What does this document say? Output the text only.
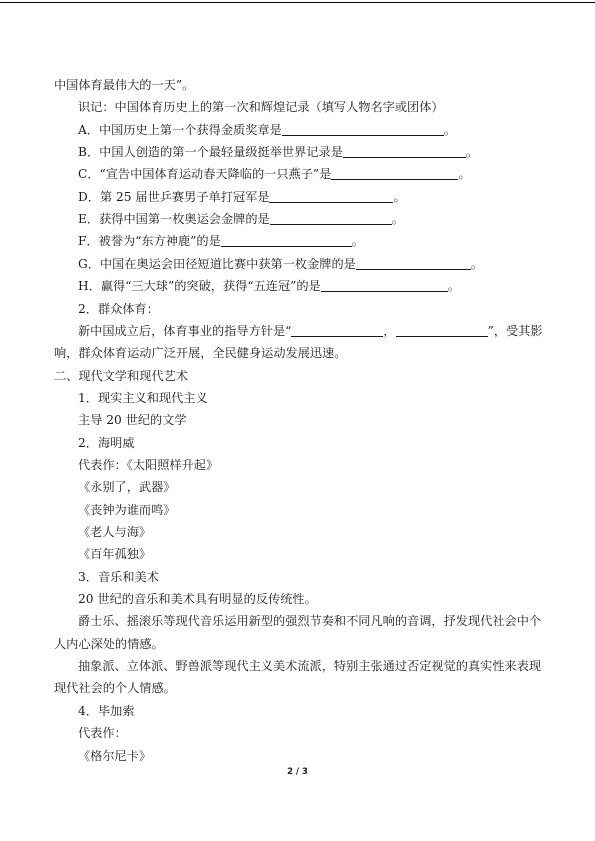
中国体育最伟大的一天”。
识记：中国体育历史上的第一次和辉煌记录（填写人物名字或团体）
A．中国历史上第一个获得金质奖章是	。
B．中国人创造的第一个最轻量级挺举世界记录是	。
C．“宣告中国体育运动春天降临的一只燕子”是	。
D．第 25 届世乒赛男子单打冠军是	。
E．获得中国第一枚奥运会金牌的是	。
F．被誉为“东方神鹿”的是	。
G．中国在奥运会田径短道比赛中获第一枚金牌的是	。
H．赢得“三大球”的突破，获得“五连冠”的是	。
2．群众体育：
新中国成立后，体育事业的指导方针是“	，	”，受其影
响，群众体育运动广泛开展，全民健身运动发展迅速。
二、现代文学和现代艺术
1．现实主义和现代主义
主导 20 世纪的文学
2．海明威
代表作：《太阳照样升起》
《永别了，武器》
《丧钟为谁而鸣》
《老人与海》
《百年孤独》
3．音乐和美术
20 世纪的音乐和美术具有明显的反传统性。
爵士乐、摇滚乐等现代音乐运用新型的强烈节奏和不同凡响的音调，抒发现代社会中个
人内心深处的情感。
抽象派、立体派、野兽派等现代主义美术流派，特别主张通过否定视觉的真实性来表现
现代社会的个人情感。
4．毕加索
代表作：
《格尔尼卡》
2 / 3
